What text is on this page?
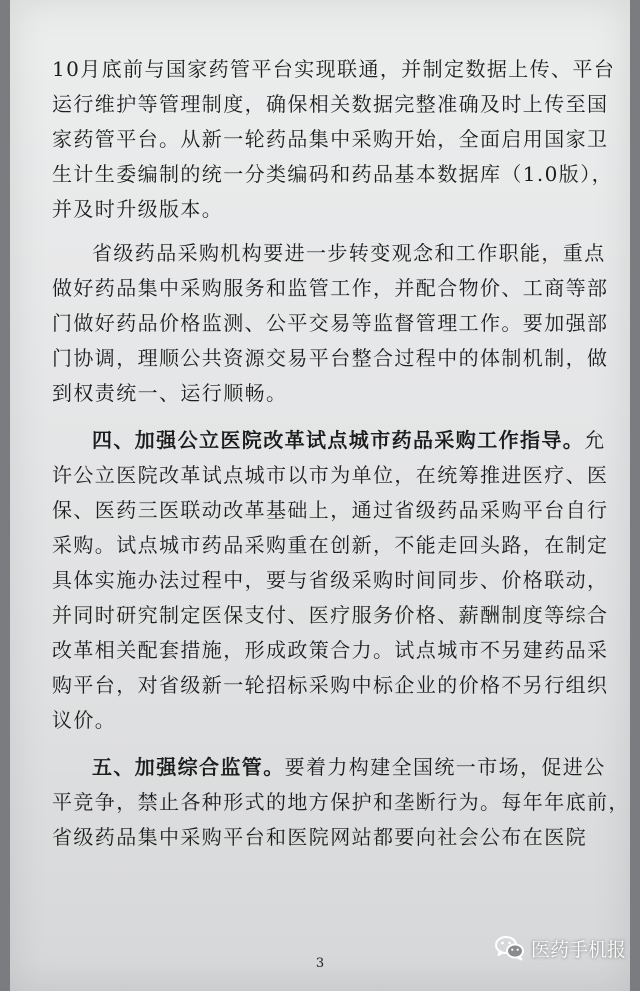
10月底前与国家药管平台实现联通，并制定数据上传、平台
运行维护等管理制度，确保相关数据完整准确及时上传至国
家药管平台。从新一轮药品集中采购开始，全面启用国家卫
生计生委编制的统一分类编码和药品基本数据库（1.0版），
并及时升级版本。
省级药品采购机构要进一步转变观念和工作职能，重点
做好药品集中采购服务和监管工作，并配合物价、工商等部
门做好药品价格监测、公平交易等监督管理工作。要加强部
门协调，理顺公共资源交易平台整合过程中的体制机制，做
到权责统一、运行顺畅。
四、加强公立医院改革试点城市药品采购工作指导。允
许公立医院改革试点城市以市为单位，在统筹推进医疗、医
保、医药三医联动改革基础上，通过省级药品采购平台自行
采购。试点城市药品采购重在创新，不能走回头路，在制定
具体实施办法过程中，要与省级采购时间同步、价格联动，
并同时研究制定医保支付、医疗服务价格、薪酬制度等综合
改革相关配套措施，形成政策合力。试点城市不另建药品采
购平台，对省级新一轮招标采购中标企业的价格不另行组织
议价。
五、加强综合监管。要着力构建全国统一市场，促进公
平竞争，禁止各种形式的地方保护和垄断行为。每年年底前，
省级药品集中采购平台和医院网站都要向社会公布在医院
3
医药手机报
